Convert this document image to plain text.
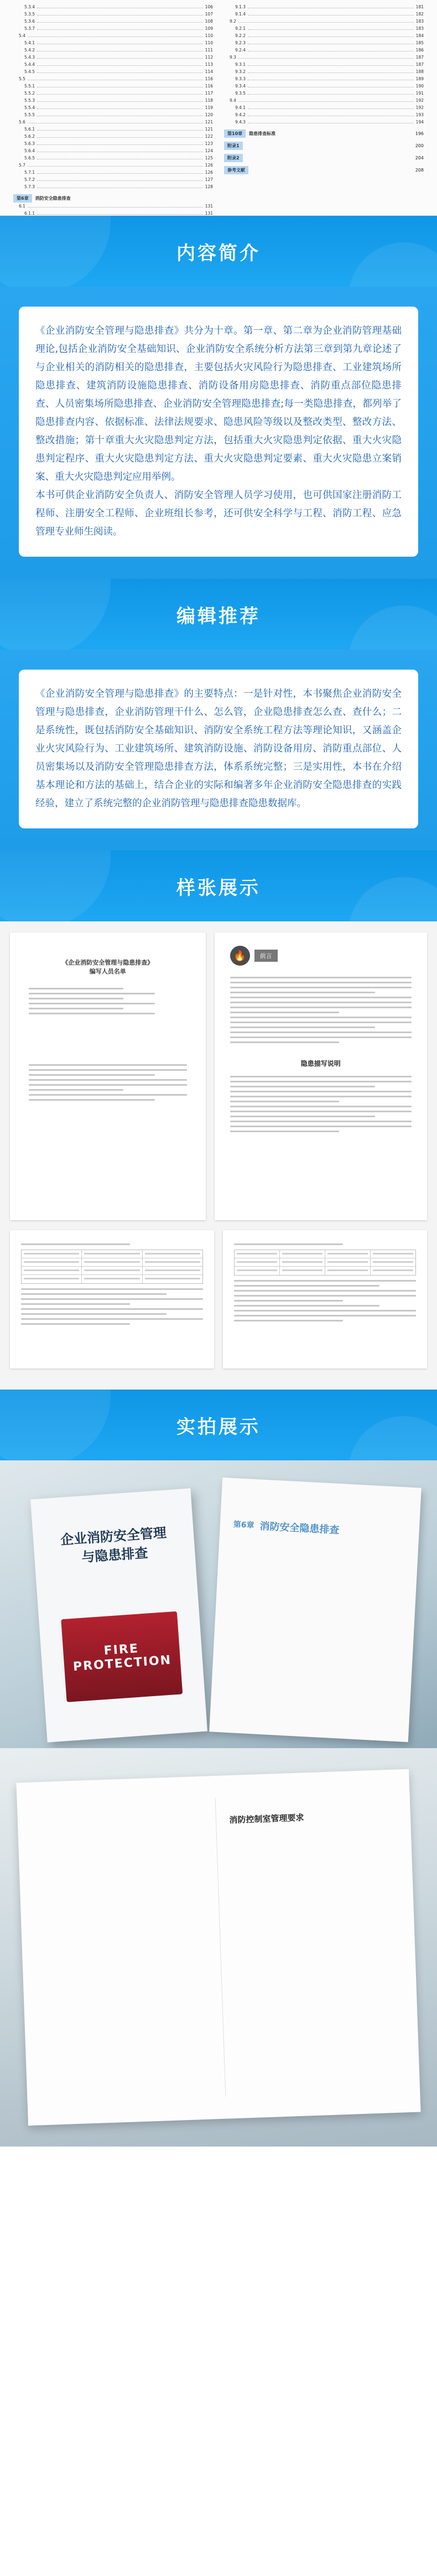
5.3.4	106
5.3.5	107
5.3.6	108
5.3.7	109
5.4	110
5.4.1	110
5.4.2	111
5.4.3	112
5.4.4	113
5.4.5	114
5.5	116
5.5.1	116
5.5.2	117
5.5.3	118
5.5.4	119
5.5.5	120
5.6	121
5.6.1	121
5.6.2	122
5.6.3	123
5.6.4	124
5.6.5	125
5.7	126
5.7.1	126
5.7.2	127
5.7.3	128
第6章	消防安全隐患排查
6.1	131
6.1.1	131
9.1.3	181
9.1.4	182
9.2	183
9.2.1	183
9.2.2	184
9.2.3	185
9.2.4	186
9.3	187
9.3.1	187
9.3.2	188
9.3.3	189
9.3.4	190
9.3.5	191
9.4	192
9.4.1	192
9.4.2	193
9.4.3	194
第10章	隐患排查标准	196
附录1	200
附录2	204
参考文献	208
内容简介
《企业消防安全管理与隐患排查》共分为十章。第一章、第二章为企业消防管理基础理论,包括企业消防安全基础知识、企业消防安全系统分析方法第三章到第九章论述了与企业相关的消防相关的隐患排查，主要包括火灾风险行为隐患排查、工业建筑场所隐患排查、建筑消防设施隐患排查、消防设备用房隐患排查、消防重点部位隐患排查、人员密集场所隐患排查、企业消防安全管理隐患排查;每一类隐患排查，都列举了隐患排查内容、依据标准、法律法规要求、隐患风险等级以及整改类型、整改方法、整改措施；第十章重大火灾隐患判定方法，包括重大火灾隐患判定依据、重大火灾隐患判定程序、重大火灾隐患判定方法、重大火灾隐患判定要素、重大火灾隐患立案销案、重大火灾隐患判定应用举例。
本书可供企业消防安全负责人、消防安全管理人员学习使用，也可供国家注册消防工程师、注册安全工程师、企业班组长参考，还可供安全科学与工程、消防工程、应急管理专业师生阅读。
编辑推荐
《企业消防安全管理与隐患排查》的主要特点：一是针对性，本书聚焦企业消防安全管理与隐患排查，企业消防管理干什么、怎么管，企业隐患排查怎么查、查什么；二是系统性，既包括消防安全基础知识、消防安全系统工程方法等理论知识，又涵盖企业火灾风险行为、工业建筑场所、建筑消防设施、消防设备用房、消防重点部位、人员密集场以及消防安全管理隐患排查方法，体系系统完整；三是实用性，本书在介绍基本理论和方法的基础上，结合企业的实际和编著多年企业消防安全隐患排查的实践经验，建立了系统完整的企业消防管理与隐患排查隐患数据库。
样张展示
《企业消防安全管理与隐患排查》
编写人员名单
🔥	前言
隐患描写说明
实拍展示
企业消防安全管理
与隐患排查
FIRE
PROTECTION
第6章 消防安全隐患排查
消防控制室管理要求
